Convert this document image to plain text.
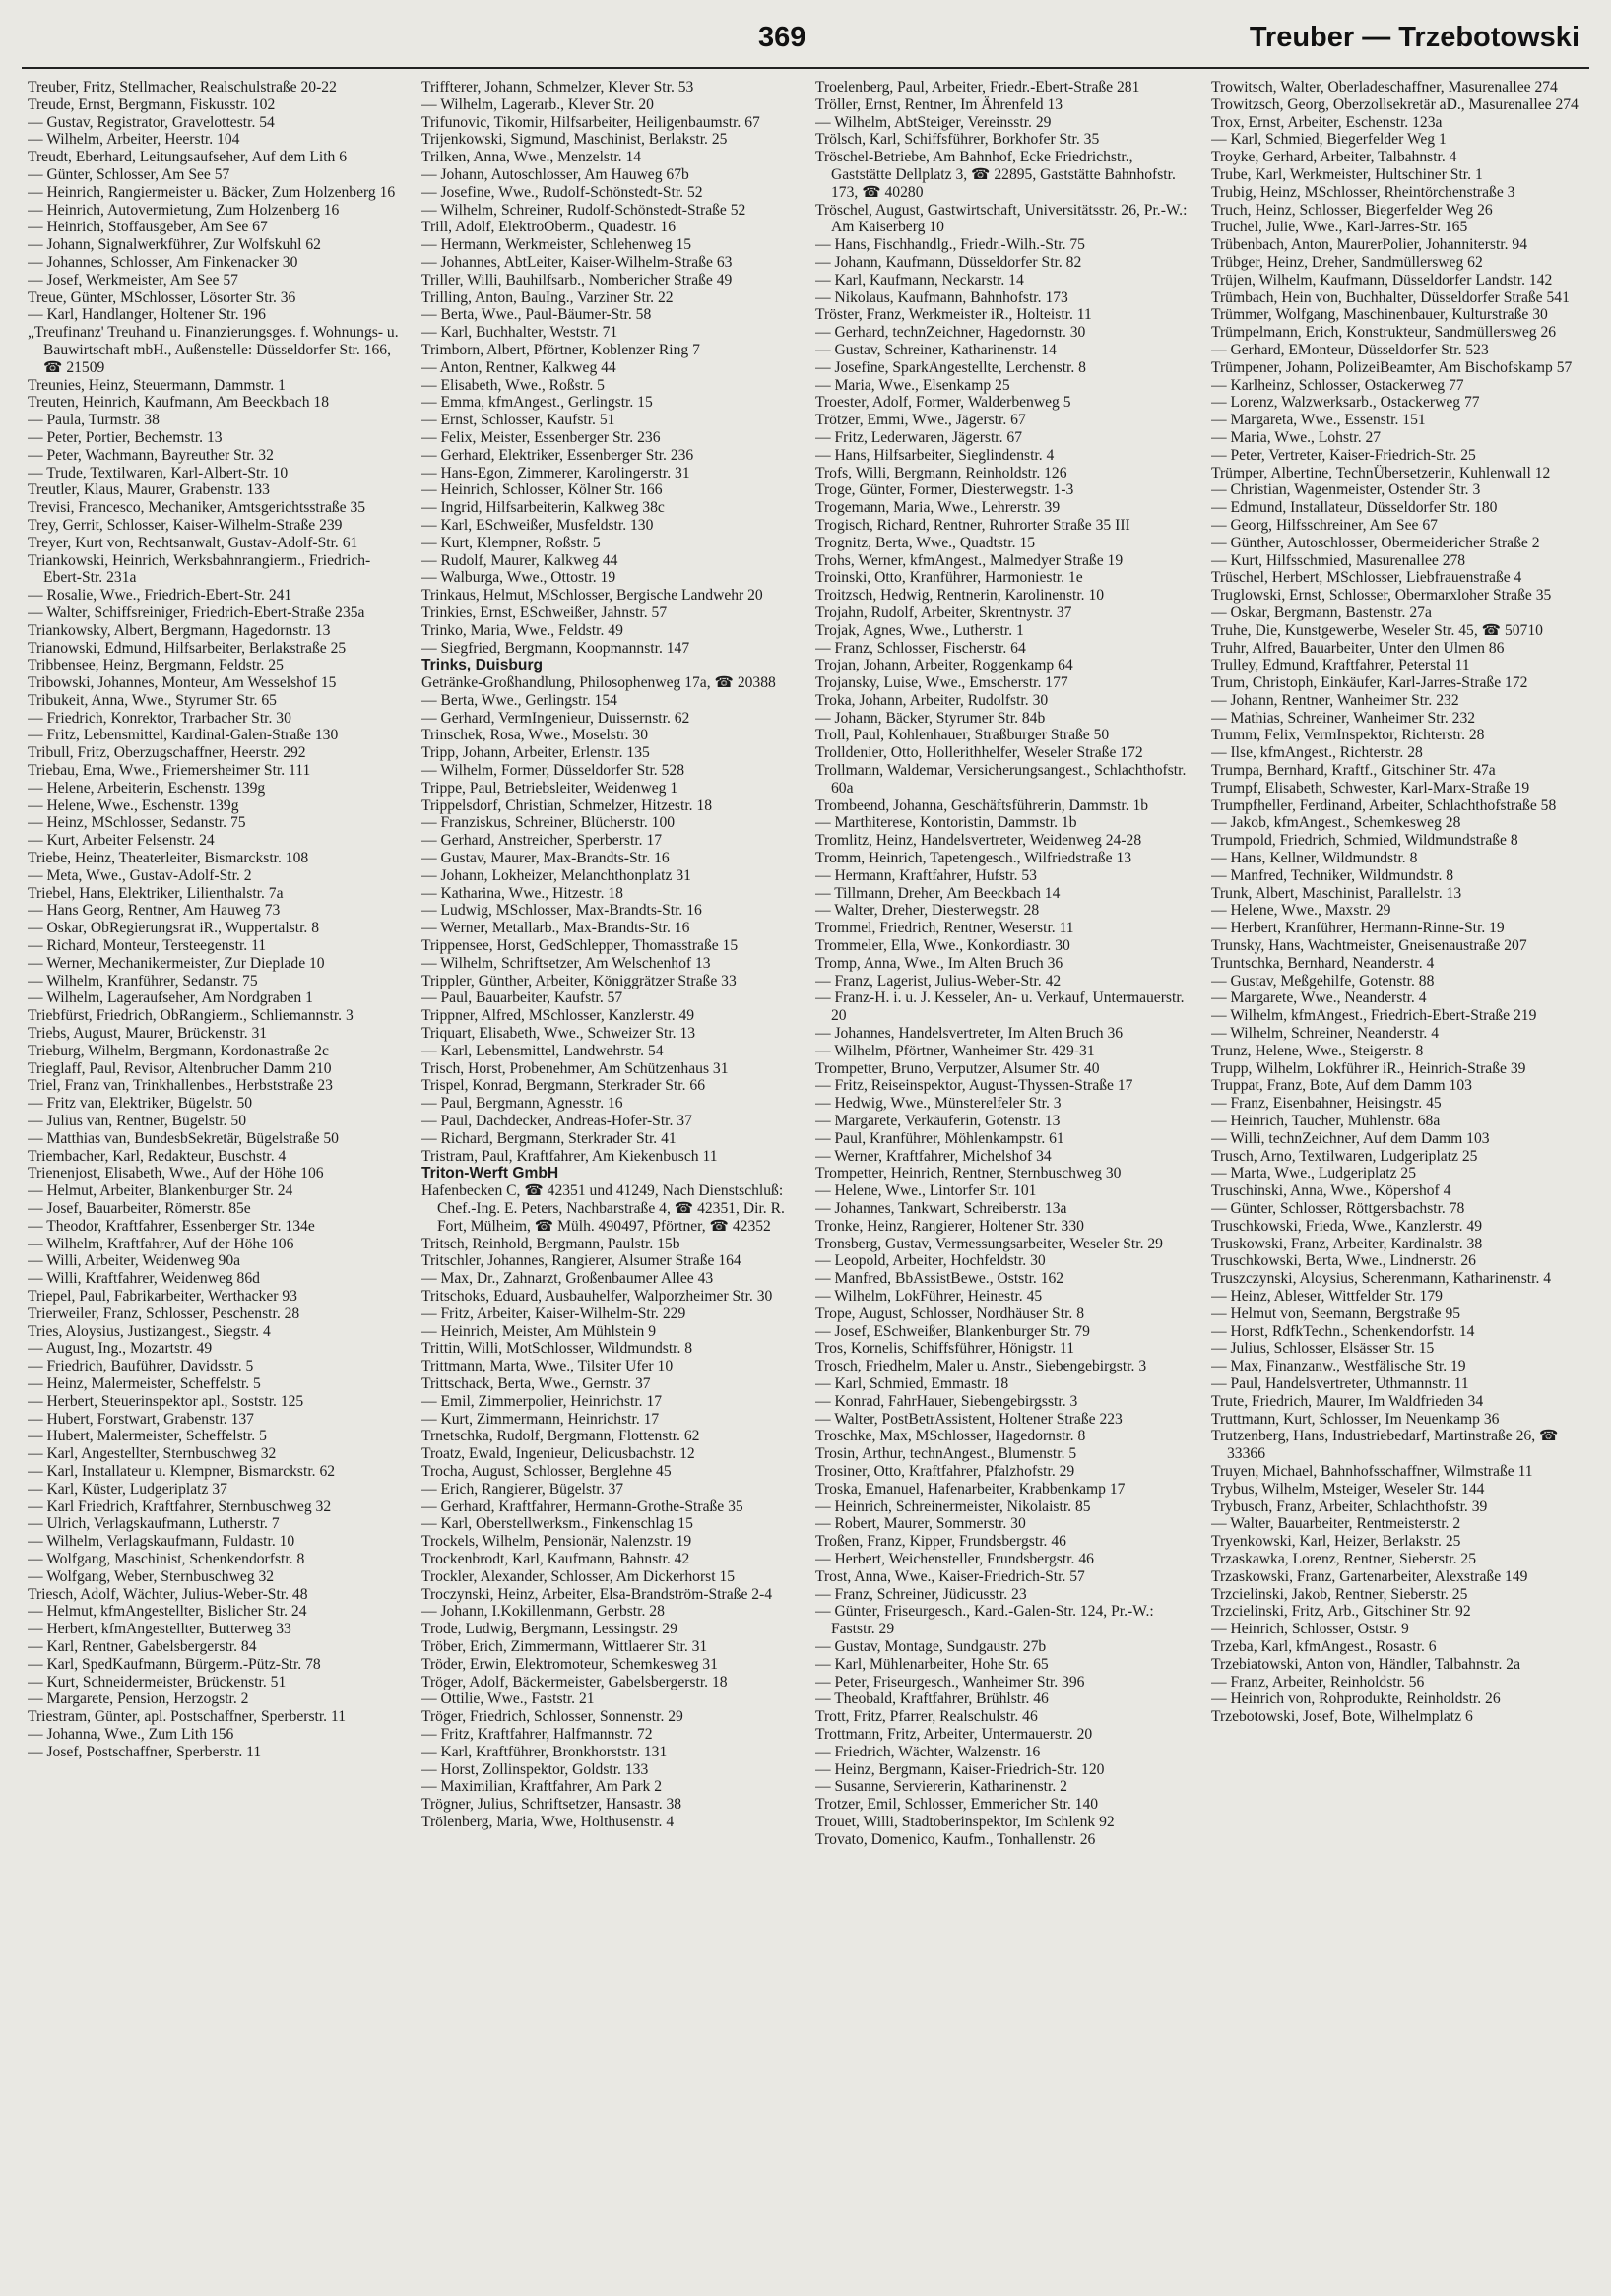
369	Treuber — Trzebotowski

Treuber, Fritz, Stellmacher, Realschulstraße 20-22

Treude, Ernst, Bergmann, Fiskusstr. 102

— Gustav, Registrator, Gravelottestr. 54

— Wilhelm, Arbeiter, Heerstr. 104

Treudt, Eberhard, Leitungsaufseher, Auf dem Lith 6

— Günter, Schlosser, Am See 57

— Heinrich, Rangiermeister u. Bäcker, Zum Holzenberg 16

— Heinrich, Autovermietung, Zum Holzenberg 16

— Heinrich, Stoffausgeber, Am See 67

— Johann, Signalwerkführer, Zur Wolfskuhl 62

— Johannes, Schlosser, Am Finkenacker 30

— Josef, Werkmeister, Am See 57

Treue, Günter, MSchlosser, Lösorter Str. 36

— Karl, Handlanger, Holtener Str. 196

„Treufinanz' Treuhand u. Finanzierungsges. f. Wohnungs- u. Bauwirtschaft mbH., Außenstelle: Düsseldorfer Str. 166, ☎ 21509

Treunies, Heinz, Steuermann, Dammstr. 1

Treuten, Heinrich, Kaufmann, Am Beeckbach 18

— Paula, Turmstr. 38

— Peter, Portier, Bechemstr. 13

— Peter, Wachmann, Bayreuther Str. 32

— Trude, Textilwaren, Karl-Albert-Str. 10

Treutler, Klaus, Maurer, Grabenstr. 133

Trevisi, Francesco, Mechaniker, Amtsgerichtsstraße 35

Trey, Gerrit, Schlosser, Kaiser-Wilhelm-Straße 239

Treyer, Kurt von, Rechtsanwalt, Gustav-Adolf-Str. 61

Triankowski, Heinrich, Werksbahnrangierm., Friedrich-Ebert-Str. 231a

— Rosalie, Wwe., Friedrich-Ebert-Str. 241

— Walter, Schiffsreiniger, Friedrich-Ebert-Straße 235a

Triankowsky, Albert, Bergmann, Hagedornstr. 13

Trianowski, Edmund, Hilfsarbeiter, Berlakstraße 25

Tribbensee, Heinz, Bergmann, Feldstr. 25

Tribowski, Johannes, Monteur, Am Wesselshof 15

Tribukeit, Anna, Wwe., Styrumer Str. 65

— Friedrich, Konrektor, Trarbacher Str. 30

— Fritz, Lebensmittel, Kardinal-Galen-Straße 130

Tribull, Fritz, Oberzugschaffner, Heerstr. 292

Triebau, Erna, Wwe., Friemersheimer Str. 111

— Helene, Arbeiterin, Eschenstr. 139g

— Helene, Wwe., Eschenstr. 139g

— Heinz, MSchlosser, Sedanstr. 75

— Kurt, Arbeiter Felsenstr. 24

Triebe, Heinz, Theaterleiter, Bismarckstr. 108

— Meta, Wwe., Gustav-Adolf-Str. 2

Triebel, Hans, Elektriker, Lilienthalstr. 7a

— Hans Georg, Rentner, Am Hauweg 73

— Oskar, ObRegierungsrat iR., Wuppertalstr. 8

— Richard, Monteur, Tersteegenstr. 11

— Werner, Mechanikermeister, Zur Dieplade 10

— Wilhelm, Kranführer, Sedanstr. 75

— Wilhelm, Lageraufseher, Am Nordgraben 1

Triebfürst, Friedrich, ObRangierm., Schliemannstr. 3

Triebs, August, Maurer, Brückenstr. 31

Trieburg, Wilhelm, Bergmann, Kordonastraße 2c

Trieglaff, Paul, Revisor, Altenbrucher Damm 210

Triel, Franz van, Trinkhallenbes., Herbststraße 23

— Fritz van, Elektriker, Bügelstr. 50

— Julius van, Rentner, Bügelstr. 50

— Matthias van, BundesbSekretär, Bügelstraße 50

Triembacher, Karl, Redakteur, Buschstr. 4

Trienenjost, Elisabeth, Wwe., Auf der Höhe 106

— Helmut, Arbeiter, Blankenburger Str. 24

— Josef, Bauarbeiter, Römerstr. 85e

— Theodor, Kraftfahrer, Essenberger Str. 134e

— Wilhelm, Kraftfahrer, Auf der Höhe 106

— Willi, Arbeiter, Weidenweg 90a

— Willi, Kraftfahrer, Weidenweg 86d

Triepel, Paul, Fabrikarbeiter, Werthacker 93

Trierweiler, Franz, Schlosser, Peschenstr. 28

Tries, Aloysius, Justizangest., Siegstr. 4

— August, Ing., Mozartstr. 49

— Friedrich, Bauführer, Davidsstr. 5

— Heinz, Malermeister, Scheffelstr. 5

— Herbert, Steuerinspektor apl., Soststr. 125

— Hubert, Forstwart, Grabenstr. 137

— Hubert, Malermeister, Scheffelstr. 5

— Karl, Angestellter, Sternbuschweg 32

— Karl, Installateur u. Klempner, Bismarckstr. 62

— Karl, Küster, Ludgeriplatz 37

— Karl Friedrich, Kraftfahrer, Sternbuschweg 32

— Ulrich, Verlagskaufmann, Lutherstr. 7

— Wilhelm, Verlagskaufmann, Fuldastr. 10

— Wolfgang, Maschinist, Schenkendorfstr. 8

— Wolfgang, Weber, Sternbuschweg 32

Triesch, Adolf, Wächter, Julius-Weber-Str. 48

— Helmut, kfmAngestellter, Bislicher Str. 24

— Herbert, kfmAngestellter, Butterweg 33

— Karl, Rentner, Gabelsbergerstr. 84

— Karl, SpedKaufmann, Bürgerm.-Pütz-Str. 78

— Kurt, Schneidermeister, Brückenstr. 51

— Margarete, Pension, Herzogstr. 2

Triestram, Günter, apl. Postschaffner, Sperberstr. 11

— Johanna, Wwe., Zum Lith 156

— Josef, Postschaffner, Sperberstr. 11

Triffterer, Johann, Schmelzer, Klever Str. 53

— Wilhelm, Lagerarb., Klever Str. 20

Trifunovic, Tikomir, Hilfsarbeiter, Heiligenbaumstr. 67

Trijenkowski, Sigmund, Maschinist, Berlakstr. 25

Trilken, Anna, Wwe., Menzelstr. 14

— Johann, Autoschlosser, Am Hauweg 67b

— Josefine, Wwe., Rudolf-Schönstedt-Str. 52

— Wilhelm, Schreiner, Rudolf-Schönstedt-Straße 52

Trill, Adolf, ElektroOberm., Quadestr. 16

— Hermann, Werkmeister, Schlehenweg 15

— Johannes, AbtLeiter, Kaiser-Wilhelm-Straße 63

Triller, Willi, Bauhilfsarb., Nombericher Straße 49

Trilling, Anton, BauIng., Varziner Str. 22

— Berta, Wwe., Paul-Bäumer-Str. 58

— Karl, Buchhalter, Weststr. 71

Trimborn, Albert, Pförtner, Koblenzer Ring 7

— Anton, Rentner, Kalkweg 44

— Elisabeth, Wwe., Roßstr. 5

— Emma, kfmAngest., Gerlingstr. 15

— Ernst, Schlosser, Kaufstr. 51

— Felix, Meister, Essenberger Str. 236

— Gerhard, Elektriker, Essenberger Str. 236

— Hans-Egon, Zimmerer, Karolingerstr. 31

— Heinrich, Schlosser, Kölner Str. 166

— Ingrid, Hilfsarbeiterin, Kalkweg 38c

— Karl, ESchweißer, Musfeldstr. 130

— Kurt, Klempner, Roßstr. 5

— Rudolf, Maurer, Kalkweg 44

— Walburga, Wwe., Ottostr. 19

Trinkaus, Helmut, MSchlosser, Bergische Landwehr 20

Trinkies, Ernst, ESchweißer, Jahnstr. 57

Trinko, Maria, Wwe., Feldstr. 49

— Siegfried, Bergmann, Koopmannstr. 147

Trinks, Duisburg

Getränke-Großhandlung, Philosophenweg 17a, ☎ 20388

— Berta, Wwe., Gerlingstr. 154

— Gerhard, VermIngenieur, Duissernstr. 62

Trinschek, Rosa, Wwe., Moselstr. 30

Tripp, Johann, Arbeiter, Erlenstr. 135

— Wilhelm, Former, Düsseldorfer Str. 528

Trippe, Paul, Betriebsleiter, Weidenweg 1

Trippelsdorf, Christian, Schmelzer, Hitzestr. 18

— Franziskus, Schreiner, Blücherstr. 100

— Gerhard, Anstreicher, Sperberstr. 17

— Gustav, Maurer, Max-Brandts-Str. 16

— Johann, Lokheizer, Melanchthonplatz 31

— Katharina, Wwe., Hitzestr. 18

— Ludwig, MSchlosser, Max-Brandts-Str. 16

— Werner, Metallarb., Max-Brandts-Str. 16

Trippensee, Horst, GedSchlepper, Thomasstraße 15

— Wilhelm, Schriftsetzer, Am Welschenhof 13

Trippler, Günther, Arbeiter, Königgrätzer Straße 33

— Paul, Bauarbeiter, Kaufstr. 57

Trippner, Alfred, MSchlosser, Kanzlerstr. 49

Triquart, Elisabeth, Wwe., Schweizer Str. 13

— Karl, Lebensmittel, Landwehrstr. 54

Trisch, Horst, Probenehmer, Am Schützenhaus 31

Trispel, Konrad, Bergmann, Sterkrader Str. 66

— Paul, Bergmann, Agnesstr. 16

— Paul, Dachdecker, Andreas-Hofer-Str. 37

— Richard, Bergmann, Sterkrader Str. 41

Tristram, Paul, Kraftfahrer, Am Kiekenbusch 11

Triton-Werft GmbH

Hafenbecken C, ☎ 42351 und 41249, Nach Dienstschluß: Chef.-Ing. E. Peters, Nachbarstraße 4, ☎ 42351, Dir. R. Fort, Mülheim, ☎ Mülh. 490497, Pförtner, ☎ 42352

Tritsch, Reinhold, Bergmann, Paulstr. 15b

Tritschler, Johannes, Rangierer, Alsumer Straße 164

— Max, Dr., Zahnarzt, Großenbaumer Allee 43

Tritschoks, Eduard, Ausbauhelfer, Walporzheimer Str. 30

— Fritz, Arbeiter, Kaiser-Wilhelm-Str. 229

— Heinrich, Meister, Am Mühlstein 9

Trittin, Willi, MotSchlosser, Wildmundstr. 8

Trittmann, Marta, Wwe., Tilsiter Ufer 10

Trittschack, Berta, Wwe., Gernstr. 37

— Emil, Zimmerpolier, Heinrichstr. 17

— Kurt, Zimmermann, Heinrichstr. 17

Trnetschka, Rudolf, Bergmann, Flottenstr. 62

Troatz, Ewald, Ingenieur, Delicusbachstr. 12

Trocha, August, Schlosser, Berglehne 45

— Erich, Rangierer, Bügelstr. 37

— Gerhard, Kraftfahrer, Hermann-Grothe-Straße 35

— Karl, Oberstellwerksm., Finkenschlag 15

Trockels, Wilhelm, Pensionär, Nalenzstr. 19

Trockenbrodt, Karl, Kaufmann, Bahnstr. 42

Trockler, Alexander, Schlosser, Am Dickerhorst 15

Troczynski, Heinz, Arbeiter, Elsa-Brandström-Straße 2-4

— Johann, I.Kokillenmann, Gerbstr. 28

Trode, Ludwig, Bergmann, Lessingstr. 29

Tröber, Erich, Zimmermann, Wittlaerer Str. 31

Tröder, Erwin, Elektromoteur, Schemkesweg 31

Tröger, Adolf, Bäckermeister, Gabelsbergerstr. 18

— Ottilie, Wwe., Faststr. 21

Tröger, Friedrich, Schlosser, Sonnenstr. 29

— Fritz, Kraftfahrer, Halfmannstr. 72

— Karl, Kraftführer, Bronkhorststr. 131

— Horst, Zollinspektor, Goldstr. 133

— Maximilian, Kraftfahrer, Am Park 2

Trögner, Julius, Schriftsetzer, Hansastr. 38

Trölenberg, Maria, Wwe, Holthusenstr. 4

Troelenberg, Paul, Arbeiter, Friedr.-Ebert-Straße 281

Tröller, Ernst, Rentner, Im Ährenfeld 13

— Wilhelm, AbtSteiger, Vereinsstr. 29

Trölsch, Karl, Schiffsführer, Borkhofer Str. 35

Tröschel-Betriebe, Am Bahnhof, Ecke Friedrichstr., Gaststätte Dellplatz 3, ☎ 22895, Gaststätte Bahnhofstr. 173, ☎ 40280

Tröschel, August, Gastwirtschaft, Universitätsstr. 26, Pr.-W.: Am Kaiserberg 10

— Hans, Fischhandlg., Friedr.-Wilh.-Str. 75

— Johann, Kaufmann, Düsseldorfer Str. 82

— Karl, Kaufmann, Neckarstr. 14

— Nikolaus, Kaufmann, Bahnhofstr. 173

Tröster, Franz, Werkmeister iR., Holteistr. 11

— Gerhard, technZeichner, Hagedornstr. 30

— Gustav, Schreiner, Katharinenstr. 14

— Josefine, SparkAngestellte, Lerchenstr. 8

— Maria, Wwe., Elsenkamp 25

Troester, Adolf, Former, Walderbenweg 5

Trötzer, Emmi, Wwe., Jägerstr. 67

— Fritz, Lederwaren, Jägerstr. 67

— Hans, Hilfsarbeiter, Sieglindenstr. 4

Trofs, Willi, Bergmann, Reinholdstr. 126

Troge, Günter, Former, Diesterwegstr. 1-3

Trogemann, Maria, Wwe., Lehrerstr. 39

Trogisch, Richard, Rentner, Ruhrorter Straße 35 III

Trognitz, Berta, Wwe., Quadtstr. 15

Trohs, Werner, kfmAngest., Malmedyer Straße 19

Troinski, Otto, Kranführer, Harmoniestr. 1e

Troitzsch, Hedwig, Rentnerin, Karolinenstr. 10

Trojahn, Rudolf, Arbeiter, Skrentnystr. 37

Trojak, Agnes, Wwe., Lutherstr. 1

— Franz, Schlosser, Fischerstr. 64

Trojan, Johann, Arbeiter, Roggenkamp 64

Trojansky, Luise, Wwe., Emscherstr. 177

Troka, Johann, Arbeiter, Rudolfstr. 30

— Johann, Bäcker, Styrumer Str. 84b

Troll, Paul, Kohlenhauer, Straßburger Straße 50

Trolldenier, Otto, Hollerithhelfer, Weseler Straße 172

Trollmann, Waldemar, Versicherungsangest., Schlachthofstr. 60a

Trombeend, Johanna, Geschäftsführerin, Dammstr. 1b

— Marthiterese, Kontoristin, Dammstr. 1b

Tromlitz, Heinz, Handelsvertreter, Weidenweg 24-28

Tromm, Heinrich, Tapetengesch., Wilfriedstraße 13

— Hermann, Kraftfahrer, Hufstr. 53

— Tillmann, Dreher, Am Beeckbach 14

— Walter, Dreher, Diesterwegstr. 28

Trommel, Friedrich, Rentner, Weserstr. 11

Trommeler, Ella, Wwe., Konkordiastr. 30

Tromp, Anna, Wwe., Im Alten Bruch 36

— Franz, Lagerist, Julius-Weber-Str. 42

— Franz-H. i. u. J. Kesseler, An- u. Verkauf, Untermauerstr. 20

— Johannes, Handelsvertreter, Im Alten Bruch 36

— Wilhelm, Pförtner, Wanheimer Str. 429-31

Trompetter, Bruno, Verputzer, Alsumer Str. 40

— Fritz, Reiseinspektor, August-Thyssen-Straße 17

— Hedwig, Wwe., Münsterelfeler Str. 3

— Margarete, Verkäuferin, Gotenstr. 13

— Paul, Kranführer, Möhlenkampstr. 61

— Werner, Kraftfahrer, Michelshof 34

Trompetter, Heinrich, Rentner, Sternbuschweg 30

— Helene, Wwe., Lintorfer Str. 101

— Johannes, Tankwart, Schreiberstr. 13a

Tronke, Heinz, Rangierer, Holtener Str. 330

Tronsberg, Gustav, Vermessungsarbeiter, Weseler Str. 29

— Leopold, Arbeiter, Hochfeldstr. 30

— Manfred, BbAssistBewe., Oststr. 162

— Wilhelm, LokFührer, Heinestr. 45

Trope, August, Schlosser, Nordhäuser Str. 8

— Josef, ESchweißer, Blankenburger Str. 79

Tros, Kornelis, Schiffsführer, Hönigstr. 11

Trosch, Friedhelm, Maler u. Anstr., Siebengebirgstr. 3

— Karl, Schmied, Emmastr. 18

— Konrad, FahrHauer, Siebengebirgsstr. 3

— Walter, PostBetrAssistent, Holtener Straße 223

Troschke, Max, MSchlosser, Hagedornstr. 8

Trosin, Arthur, technAngest., Blumenstr. 5

Trosiner, Otto, Kraftfahrer, Pfalzhofstr. 29

Troska, Emanuel, Hafenarbeiter, Krabbenkamp 17

— Heinrich, Schreinermeister, Nikolaistr. 85

— Robert, Maurer, Sommerstr. 30

Troßen, Franz, Kipper, Frundsbergstr. 46

— Herbert, Weichensteller, Frundsbergstr. 46

Trost, Anna, Wwe., Kaiser-Friedrich-Str. 57

— Franz, Schreiner, Jüdicusstr. 23

— Günter, Friseurgesch., Kard.-Galen-Str. 124, Pr.-W.: Faststr. 29

— Gustav, Montage, Sundgaustr. 27b

— Karl, Mühlenarbeiter, Hohe Str. 65

— Peter, Friseurgesch., Wanheimer Str. 396

— Theobald, Kraftfahrer, Brühlstr. 46

Trott, Fritz, Pfarrer, Realschulstr. 46

Trottmann, Fritz, Arbeiter, Untermauerstr. 20

— Friedrich, Wächter, Walzenstr. 16

— Heinz, Bergmann, Kaiser-Friedrich-Str. 120

— Susanne, Serviererin, Katharinenstr. 2

Trotzer, Emil, Schlosser, Emmericher Str. 140

Trouet, Willi, Stadtoberinspektor, Im Schlenk 92

Trovato, Domenico, Kaufm., Tonhallenstr. 26

Trowitsch, Walter, Oberladeschaffner, Masurenallee 274

Trowitzsch, Georg, Oberzollsekretär aD., Masurenallee 274

Trox, Ernst, Arbeiter, Eschenstr. 123a

— Karl, Schmied, Biegerfelder Weg 1

Troyke, Gerhard, Arbeiter, Talbahnstr. 4

Trube, Karl, Werkmeister, Hultschiner Str. 1

Trubig, Heinz, MSchlosser, Rheintörchenstraße 3

Truch, Heinz, Schlosser, Biegerfelder Weg 26

Truchel, Julie, Wwe., Karl-Jarres-Str. 165

Trübenbach, Anton, MaurerPolier, Johanniterstr. 94

Trübger, Heinz, Dreher, Sandmüllersweg 62

Trüjen, Wilhelm, Kaufmann, Düsseldorfer Landstr. 142

Trümbach, Hein von, Buchhalter, Düsseldorfer Straße 541

Trümmer, Wolfgang, Maschinenbauer, Kulturstraße 30

Trümpelmann, Erich, Konstrukteur, Sandmüllersweg 26

— Gerhard, EMonteur, Düsseldorfer Str. 523

Trümpener, Johann, PolizeiBeamter, Am Bischofskamp 57

— Karlheinz, Schlosser, Ostackerweg 77

— Lorenz, Walzwerksarb., Ostackerweg 77

— Margareta, Wwe., Essenstr. 151

— Maria, Wwe., Lohstr. 27

— Peter, Vertreter, Kaiser-Friedrich-Str. 25

Trümper, Albertine, TechnÜbersetzerin, Kuhlenwall 12

— Christian, Wagenmeister, Ostender Str. 3

— Edmund, Installateur, Düsseldorfer Str. 180

— Georg, Hilfsschreiner, Am See 67

— Günther, Autoschlosser, Obermeidericher Straße 2

— Kurt, Hilfsschmied, Masurenallee 278

Trüschel, Herbert, MSchlosser, Liebfrauenstraße 4

Truglowski, Ernst, Schlosser, Obermarxloher Straße 35

— Oskar, Bergmann, Bastenstr. 27a

Truhe, Die, Kunstgewerbe, Weseler Str. 45, ☎ 50710

Truhr, Alfred, Bauarbeiter, Unter den Ulmen 86

Trulley, Edmund, Kraftfahrer, Peterstal 11

Trum, Christoph, Einkäufer, Karl-Jarres-Straße 172

— Johann, Rentner, Wanheimer Str. 232

— Mathias, Schreiner, Wanheimer Str. 232

Trumm, Felix, VermInspektor, Richterstr. 28

— Ilse, kfmAngest., Richterstr. 28

Trumpa, Bernhard, Kraftf., Gitschiner Str. 47a

Trumpf, Elisabeth, Schwester, Karl-Marx-Straße 19

Trumpfheller, Ferdinand, Arbeiter, Schlachthofstraße 58

— Jakob, kfmAngest., Schemkesweg 28

Trumpold, Friedrich, Schmied, Wildmundstraße 8

— Hans, Kellner, Wildmundstr. 8

— Manfred, Techniker, Wildmundstr. 8

Trunk, Albert, Maschinist, Parallelstr. 13

— Helene, Wwe., Maxstr. 29

— Herbert, Kranführer, Hermann-Rinne-Str. 19

Trunsky, Hans, Wachtmeister, Gneisenaustraße 207

Truntschka, Bernhard, Neanderstr. 4

— Gustav, Meßgehilfe, Gotenstr. 88

— Margarete, Wwe., Neanderstr. 4

— Wilhelm, kfmAngest., Friedrich-Ebert-Straße 219

— Wilhelm, Schreiner, Neanderstr. 4

Trunz, Helene, Wwe., Steigerstr. 8

Trupp, Wilhelm, Lokführer iR., Heinrich-Straße 39

Truppat, Franz, Bote, Auf dem Damm 103

— Franz, Eisenbahner, Heisingstr. 45

— Heinrich, Taucher, Mühlenstr. 68a

— Willi, technZeichner, Auf dem Damm 103

Trusch, Arno, Textilwaren, Ludgeriplatz 25

— Marta, Wwe., Ludgeriplatz 25

Truschinski, Anna, Wwe., Köpershof 4

— Günter, Schlosser, Röttgersbachstr. 78

Truschkowski, Frieda, Wwe., Kanzlerstr. 49

Truskowski, Franz, Arbeiter, Kardinalstr. 38

Truschkowski, Berta, Wwe., Lindnerstr. 26

Truszczynski, Aloysius, Scherenmann, Katharinenstr. 4

— Heinz, Ableser, Wittfelder Str. 179

— Helmut von, Seemann, Bergstraße 95

— Horst, RdfkTechn., Schenkendorfstr. 14

— Julius, Schlosser, Elsässer Str. 15

— Max, Finanzanw., Westfälische Str. 19

— Paul, Handelsvertreter, Uthmannstr. 11

Trute, Friedrich, Maurer, Im Waldfrieden 34

Truttmann, Kurt, Schlosser, Im Neuenkamp 36

Trutzenberg, Hans, Industriebedarf, Martinstraße 26, ☎ 33366

Truyen, Michael, Bahnhofsschaffner, Wilmstraße 11

Trybus, Wilhelm, Msteiger, Weseler Str. 144

Trybusch, Franz, Arbeiter, Schlachthofstr. 39

— Walter, Bauarbeiter, Rentmeisterstr. 2

Tryenkowski, Karl, Heizer, Berlakstr. 25

Trzaskawka, Lorenz, Rentner, Sieberstr. 25

Trzaskowski, Franz, Gartenarbeiter, Alexstraße 149

Trzcielinski, Jakob, Rentner, Sieberstr. 25

Trzcielinski, Fritz, Arb., Gitschiner Str. 92

— Heinrich, Schlosser, Oststr. 9

Trzeba, Karl, kfmAngest., Rosastr. 6

Trzebiatowski, Anton von, Händler, Talbahnstr. 2a

— Franz, Arbeiter, Reinholdstr. 56

— Heinrich von, Rohprodukte, Reinholdstr. 26

Trzebotowski, Josef, Bote, Wilhelmplatz 6
